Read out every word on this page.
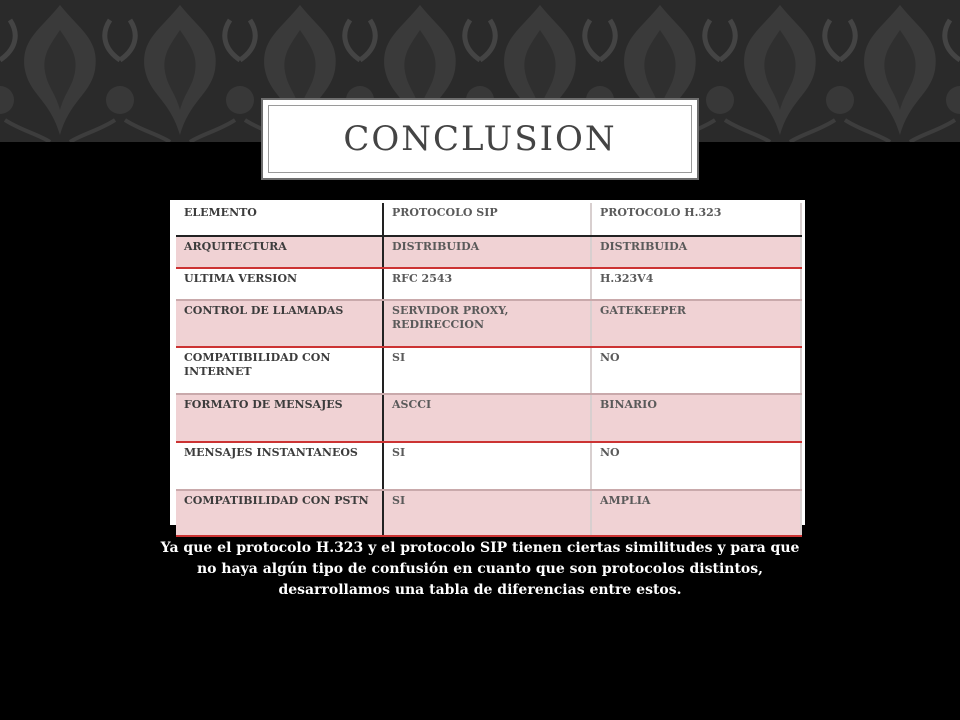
CONCLUSION
ELEMENTO	PROTOCOLO SIP	PROTOCOLO H.323
ARQUITECTURA	DISTRIBUIDA	DISTRIBUIDA
ULTIMA VERSION	RFC 2543	H.323V4
CONTROL DE LLAMADAS	SERVIDOR PROXY, REDIRECCION	GATEKEEPER
COMPATIBILIDAD CON INTERNET	SI	NO
FORMATO DE MENSAJES	ASCCI	BINARIO
MENSAJES INSTANTANEOS	SI	NO
COMPATIBILIDAD CON PSTN	SI	AMPLIA
Ya que el protocolo H.323 y el protocolo SIP tienen ciertas similitudes y para que no haya algún tipo de confusión en cuanto que son protocolos distintos, desarrollamos una tabla de diferencias entre estos.
